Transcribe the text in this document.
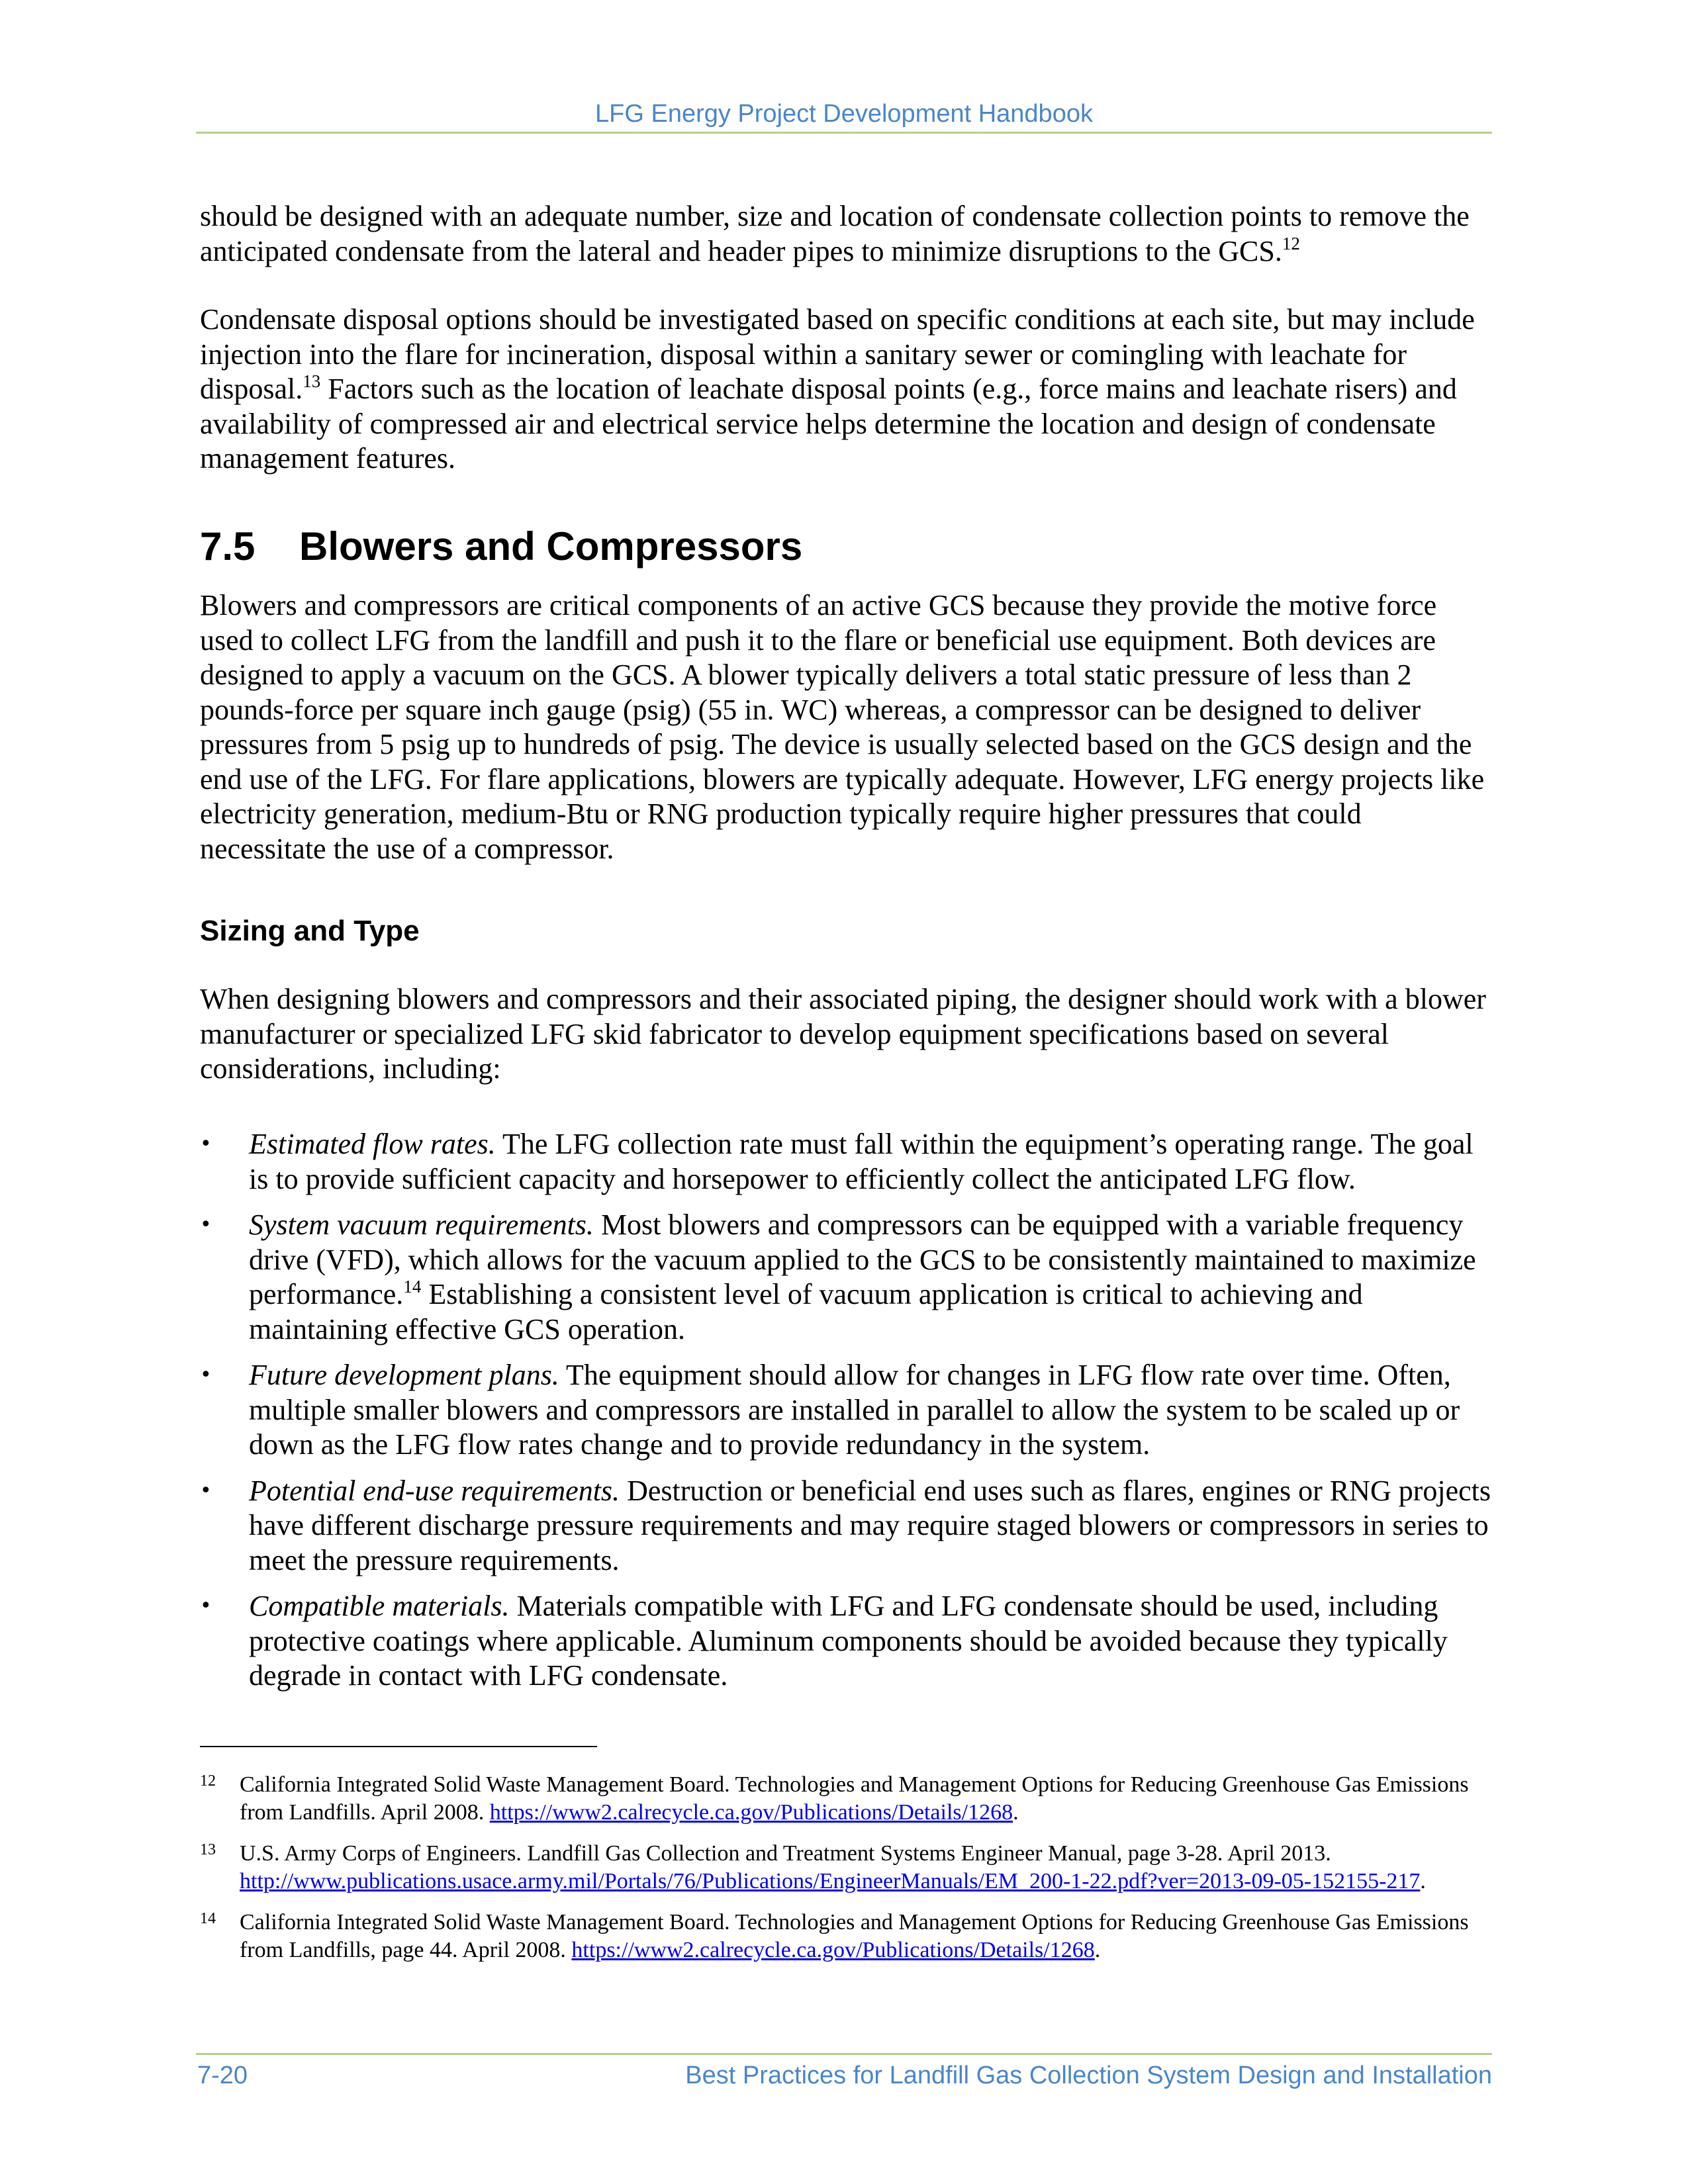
LFG Energy Project Development Handbook

should be designed with an adequate number, size and location of condensate collection points to remove the anticipated condensate from the lateral and header pipes to minimize disruptions to the GCS.$^{12}$

Condensate disposal options should be investigated based on specific conditions at each site, but may include injection into the flare for incineration, disposal within a sanitary sewer or comingling with leachate for disposal.$^{13}$ Factors such as the location of leachate disposal points (e.g., force mains and leachate risers) and availability of compressed air and electrical service helps determine the location and design of condensate management features.

7.5 Blowers and Compressors

Blowers and compressors are critical components of an active GCS because they provide the motive force used to collect LFG from the landfill and push it to the flare or beneficial use equipment. Both devices are designed to apply a vacuum on the GCS. A blower typically delivers a total static pressure of less than 2 pounds-force per square inch gauge (psig) (55 in. WC) whereas, a compressor can be designed to deliver pressures from 5 psig up to hundreds of psig. The device is usually selected based on the GCS design and the end use of the LFG. For flare applications, blowers are typically adequate. However, LFG energy projects like electricity generation, medium-Btu or RNG production typically require higher pressures that could necessitate the use of a compressor.

Sizing and Type

When designing blowers and compressors and their associated piping, the designer should work with a blower manufacturer or specialized LFG skid fabricator to develop equipment specifications based on several considerations, including:

•	Estimated flow rates. The LFG collection rate must fall within the equipment’s operating range. The goal is to provide sufficient capacity and horsepower to efficiently collect the anticipated LFG flow.
•	System vacuum requirements. Most blowers and compressors can be equipped with a variable frequency drive (VFD), which allows for the vacuum applied to the GCS to be consistently maintained to maximize performance.$^{14}$ Establishing a consistent level of vacuum application is critical to achieving and maintaining effective GCS operation.
•	Future development plans. The equipment should allow for changes in LFG flow rate over time. Often, multiple smaller blowers and compressors are installed in parallel to allow the system to be scaled up or down as the LFG flow rates change and to provide redundancy in the system.
•	Potential end-use requirements. Destruction or beneficial end uses such as flares, engines or RNG projects have different discharge pressure requirements and may require staged blowers or compressors in series to meet the pressure requirements.
•	Compatible materials. Materials compatible with LFG and LFG condensate should be used, including protective coatings where applicable. Aluminum components should be avoided because they typically degrade in contact with LFG condensate.
12 California Integrated Solid Waste Management Board. Technologies and Management Options for Reducing Greenhouse Gas Emissions from Landfills. April 2008. https://www2.calrecycle.ca.gov/Publications/Details/1268.
13 U.S. Army Corps of Engineers. Landfill Gas Collection and Treatment Systems Engineer Manual, page 3-28. April 2013. http://www.publications.usace.army.mil/Portals/76/Publications/EngineerManuals/EM_200-1-22.pdf?ver=2013-09-05-152155-217.
14 California Integrated Solid Waste Management Board. Technologies and Management Options for Reducing Greenhouse Gas Emissions from Landfills, page 44. April 2008. https://www2.calrecycle.ca.gov/Publications/Details/1268.
7-20	Best Practices for Landfill Gas Collection System Design and Installation
